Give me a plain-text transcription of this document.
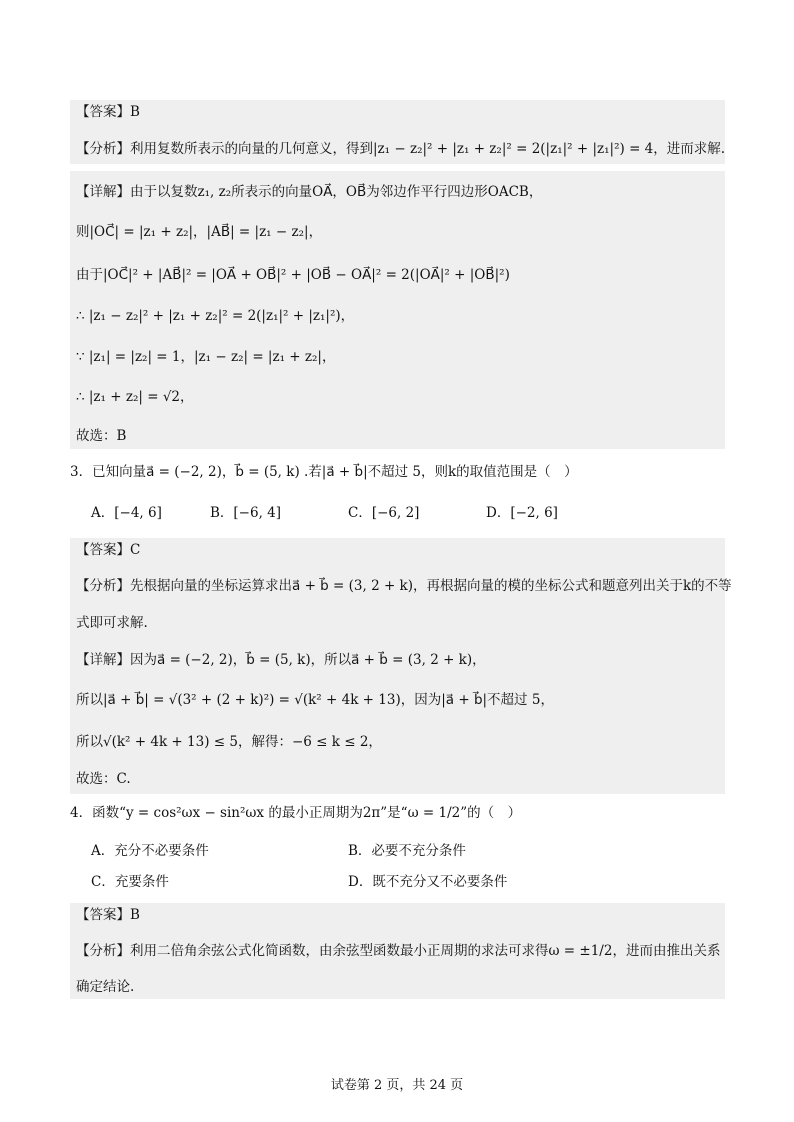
【答案】B
【分析】利用复数所表示的向量的几何意义，得到|z₁ − z₂|² + |z₁ + z₂|² = 2(|z₁|² + |z₁|²) = 4，进而求解.
【详解】由于以复数z₁, z₂所表示的向量OA⃗，OB⃗为邻边作平行四边形OACB，
则|OC⃗| = |z₁ + z₂|，|AB⃗| = |z₁ − z₂|，
由于|OC⃗|² + |AB⃗|² = |OA⃗ + OB⃗|² + |OB⃗ − OA⃗|² = 2(|OA⃗|² + |OB⃗|²)
∴ |z₁ − z₂|² + |z₁ + z₂|² = 2(|z₁|² + |z₁|²)，
∵ |z₁| = |z₂| = 1，|z₁ − z₂| = |z₁ + z₂|，
∴ |z₁ + z₂| = √2，
故选：B
3．已知向量a⃗ = (−2, 2)，b⃗ = (5, k) .若|a⃗ + b⃗|不超过 5，则k的取值范围是（　）
A．[−4, 6]	B．[−6, 4]	C．[−6, 2]	D．[−2, 6]
【答案】C
【分析】先根据向量的坐标运算求出a⃗ + b⃗ = (3, 2 + k)，再根据向量的模的坐标公式和题意列出关于k的不等
式即可求解.
【详解】因为a⃗ = (−2, 2)，b⃗ = (5, k)，所以a⃗ + b⃗ = (3, 2 + k)，
所以|a⃗ + b⃗| = √(3² + (2 + k)²) = √(k² + 4k + 13)，因为|a⃗ + b⃗|不超过 5，
所以√(k² + 4k + 13) ≤ 5，解得：−6 ≤ k ≤ 2，
故选：C.
4．函数“y = cos²ωx − sin²ωx 的最小正周期为2π”是“ω = 1/2”的（　）
A．充分不必要条件	B．必要不充分条件
C．充要条件	D．既不充分又不必要条件
【答案】B
【分析】利用二倍角余弦公式化简函数，由余弦型函数最小正周期的求法可求得ω = ±1/2，进而由推出关系
确定结论.
试卷第 2 页，共 24 页
